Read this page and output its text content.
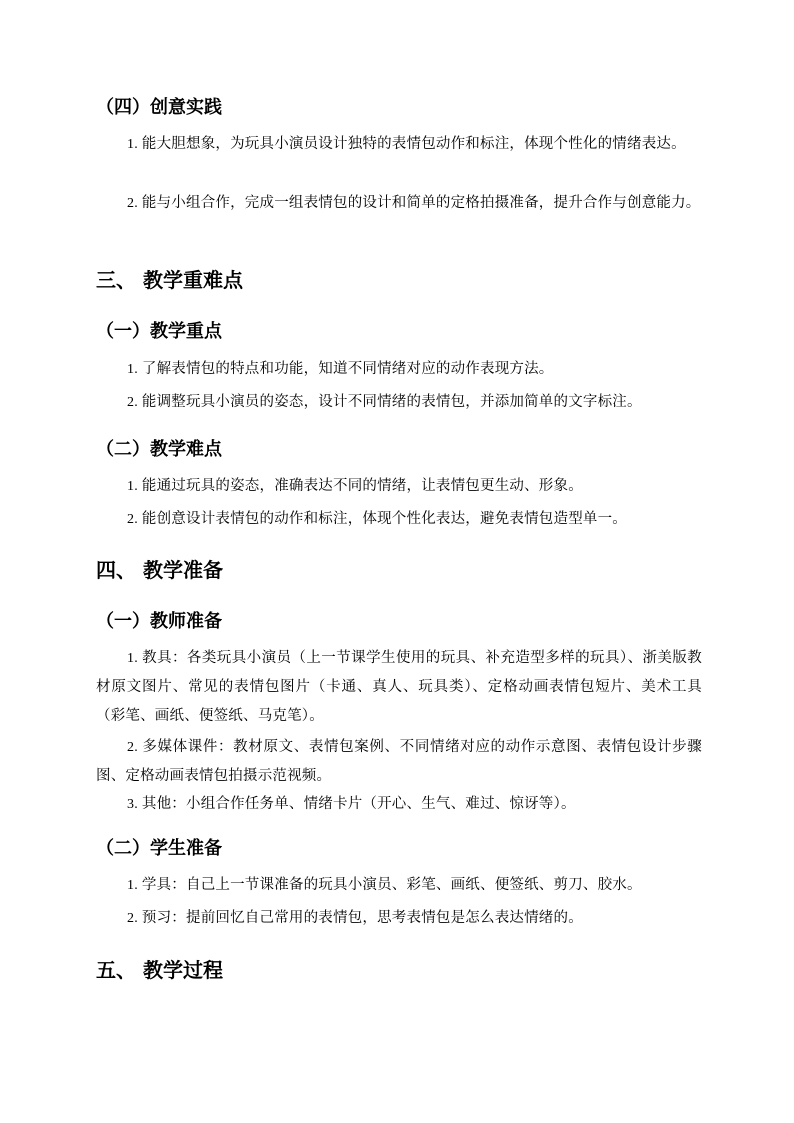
（四）创意实践
1. 能大胆想象，为玩具小演员设计独特的表情包动作和标注，体现个性化的情绪表达。
2. 能与小组合作，完成一组表情包的设计和简单的定格拍摄准备，提升合作与创意能力。
三、 教学重难点
（一）教学重点
1. 了解表情包的特点和功能，知道不同情绪对应的动作表现方法。
2. 能调整玩具小演员的姿态，设计不同情绪的表情包，并添加简单的文字标注。
（二）教学难点
1. 能通过玩具的姿态，准确表达不同的情绪，让表情包更生动、形象。
2. 能创意设计表情包的动作和标注，体现个性化表达，避免表情包造型单一。
四、 教学准备
（一）教师准备
1. 教具：各类玩具小演员（上一节课学生使用的玩具、补充造型多样的玩具）、浙美版教材原文图片、常见的表情包图片（卡通、真人、玩具类）、定格动画表情包短片、美术工具（彩笔、画纸、便签纸、马克笔）。
2. 多媒体课件：教材原文、表情包案例、不同情绪对应的动作示意图、表情包设计步骤图、定格动画表情包拍摄示范视频。
3. 其他：小组合作任务单、情绪卡片（开心、生气、难过、惊讶等）。
（二）学生准备
1. 学具：自己上一节课准备的玩具小演员、彩笔、画纸、便签纸、剪刀、胶水。
2. 预习：提前回忆自己常用的表情包，思考表情包是怎么表达情绪的。
五、 教学过程
